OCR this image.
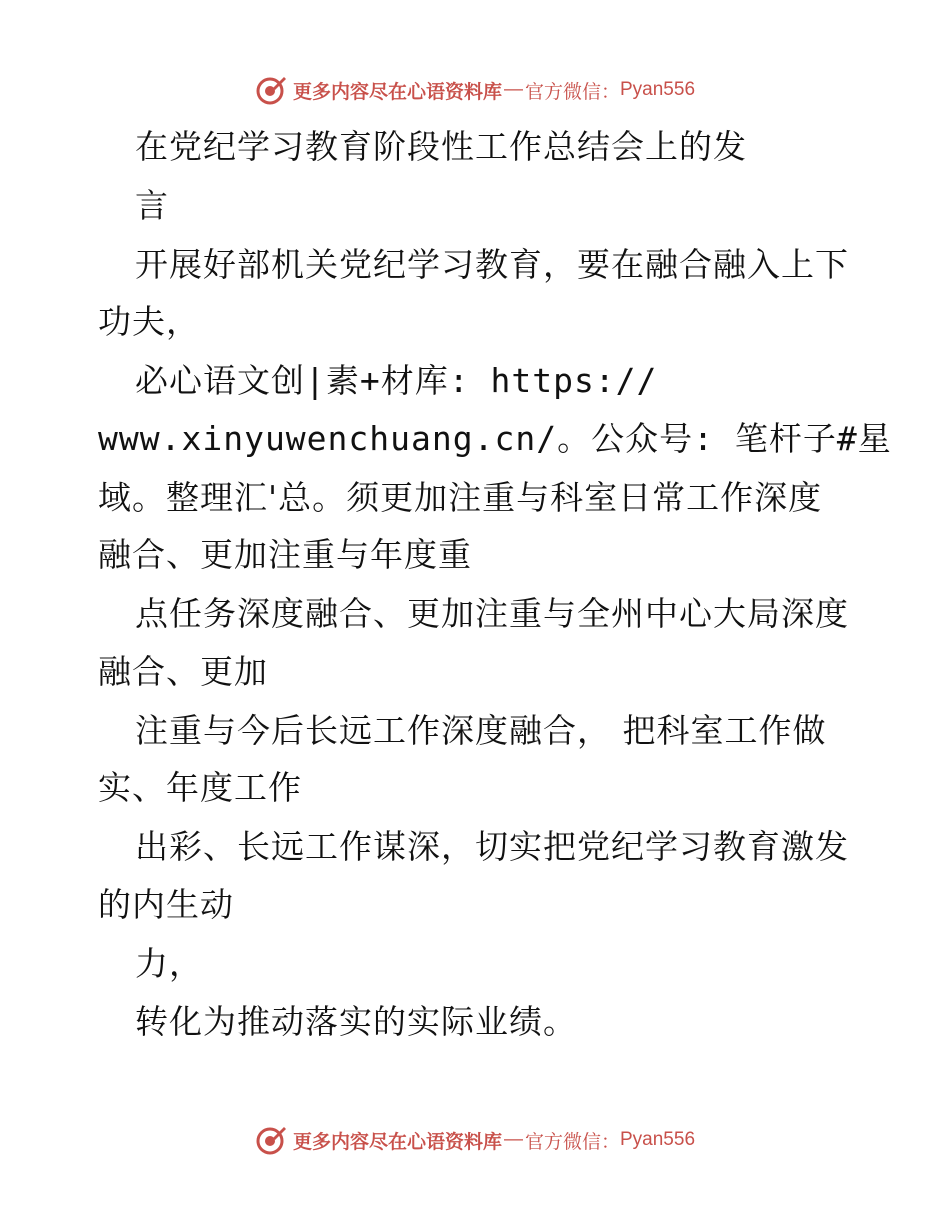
更多内容尽在心语资料库 — 官方微信： Pyan556
在党纪学习教育阶段性工作总结会上的发
言
开展好部机关党纪学习教育，要在融合融入上下
功夫，
必心语文创|素+材库: https://
www.xinyuwenchuang.cn/。公众号: 笔杆子#星
域。整理汇'总。须更加注重与科室日常工作深度
融合、更加注重与年度重
点任务深度融合、更加注重与全州中心大局深度
融合、更加
注重与今后长远工作深度融合， 把科室工作做
实、年度工作
出彩、长远工作谋深，切实把党纪学习教育激发
的内生动
力，
转化为推动落实的实际业绩。
更多内容尽在心语资料库 — 官方微信： Pyan556
